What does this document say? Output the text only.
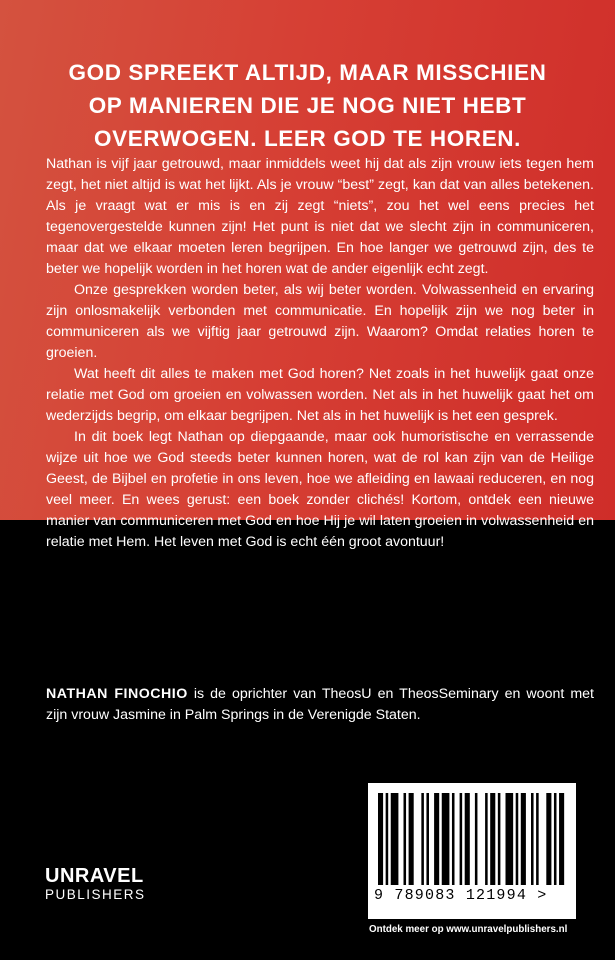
GOD SPREEKT ALTIJD, MAAR MISSCHIEN
OP MANIEREN DIE JE NOG NIET HEBT
OVERWOGEN. LEER GOD TE HOREN.

Nathan is vijf jaar getrouwd, maar inmiddels weet hij dat als zijn vrouw iets tegen hem zegt, het niet altijd is wat het lijkt. Als je vrouw “best” zegt, kan dat van alles betekenen. Als je vraagt wat er mis is en zij zegt “niets”, zou het wel eens precies het tegenovergestelde kunnen zijn! Het punt is niet dat we slecht zijn in communiceren, maar dat we elkaar moeten leren begrijpen. En hoe langer we getrouwd zijn, des te beter we hopelijk worden in het horen wat de ander eigenlijk echt zegt.

Onze gesprekken worden beter, als wij beter worden. Volwassenheid en ervaring zijn onlosmakelijk verbonden met communicatie. En hopelijk zijn we nog beter in communiceren als we vijftig jaar getrouwd zijn. Waarom? Omdat relaties horen te groeien.

Wat heeft dit alles te maken met God horen? Net zoals in het huwelijk gaat onze relatie met God om groeien en volwassen worden. Net als in het huwelijk gaat het om wederzijds begrip, om elkaar begrijpen. Net als in het huwelijk is het een gesprek.

In dit boek legt Nathan op diepgaande, maar ook humoristische en verrassende wijze uit hoe we God steeds beter kunnen horen, wat de rol kan zijn van de Heilige Geest, de Bijbel en profetie in ons leven, hoe we afleiding en lawaai reduceren, en nog veel meer. En wees gerust: een boek zonder clichés! Kortom, ontdek een nieuwe manier van communiceren met God en hoe Hij je wil laten groeien in volwassenheid en relatie met Hem. Het leven met God is echt één groot avontuur!

NATHAN FINOCHIO is de oprichter van TheosU en TheosSeminary en woont met zijn vrouw Jasmine in Palm Springs in de Verenigde Staten.

UNRAVEL
PUBLISHERS	9 789083 121994 >
Ontdek meer op www.unravelpublishers.nl
